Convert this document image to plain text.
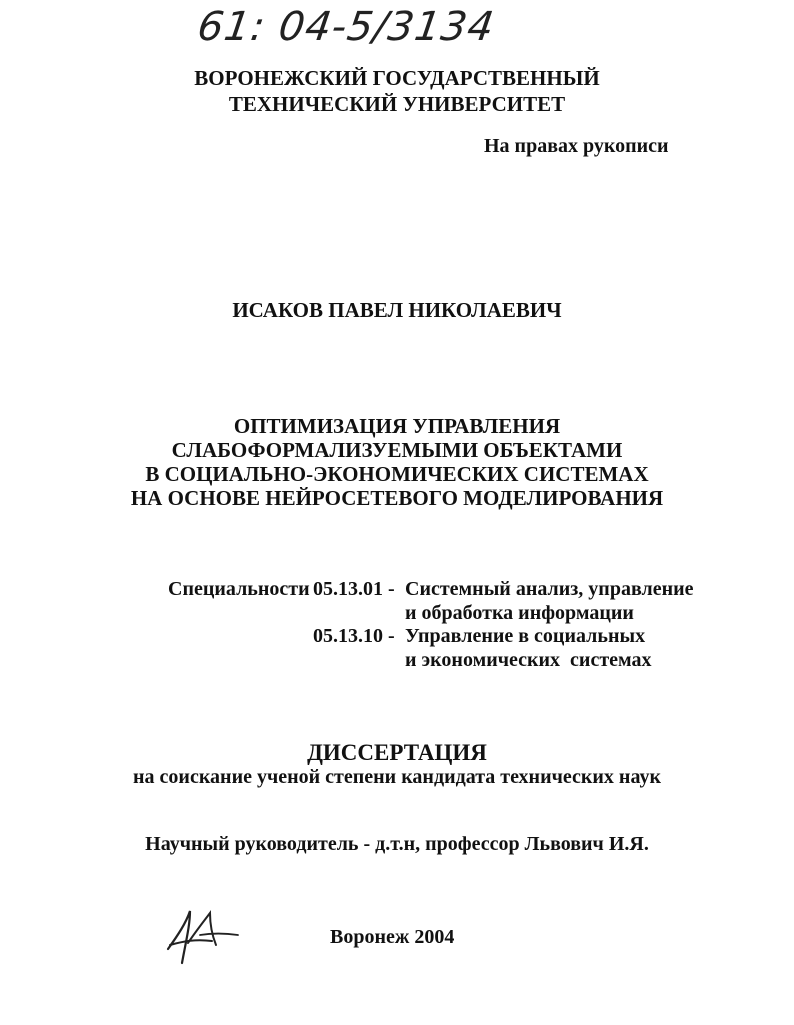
61: 04-5/3134
ВОРОНЕЖСКИЙ ГОСУДАРСТВЕННЫЙ
ТЕХНИЧЕСКИЙ УНИВЕРСИТЕТ
На правах рукописи
ИСАКОВ ПАВЕЛ НИКОЛАЕВИЧ
ОПТИМИЗАЦИЯ УПРАВЛЕНИЯ
СЛАБОФОРМАЛИЗУЕМЫМИ ОБЪЕКТАМИ
В СОЦИАЛЬНО-ЭКОНОМИЧЕСКИХ СИСТЕМАХ
НА ОСНОВЕ НЕЙРОСЕТЕВОГО МОДЕЛИРОВАНИЯ
Специальности 05.13.01 - Системный анализ, управление
и обработка информации
05.13.10 - Управление в социальных
и экономических  системах
ДИССЕРТАЦИЯ
на соискание ученой степени кандидата технических наук
Научный руководитель - д.т.н, профессор Львович И.Я.
Воронеж 2004
